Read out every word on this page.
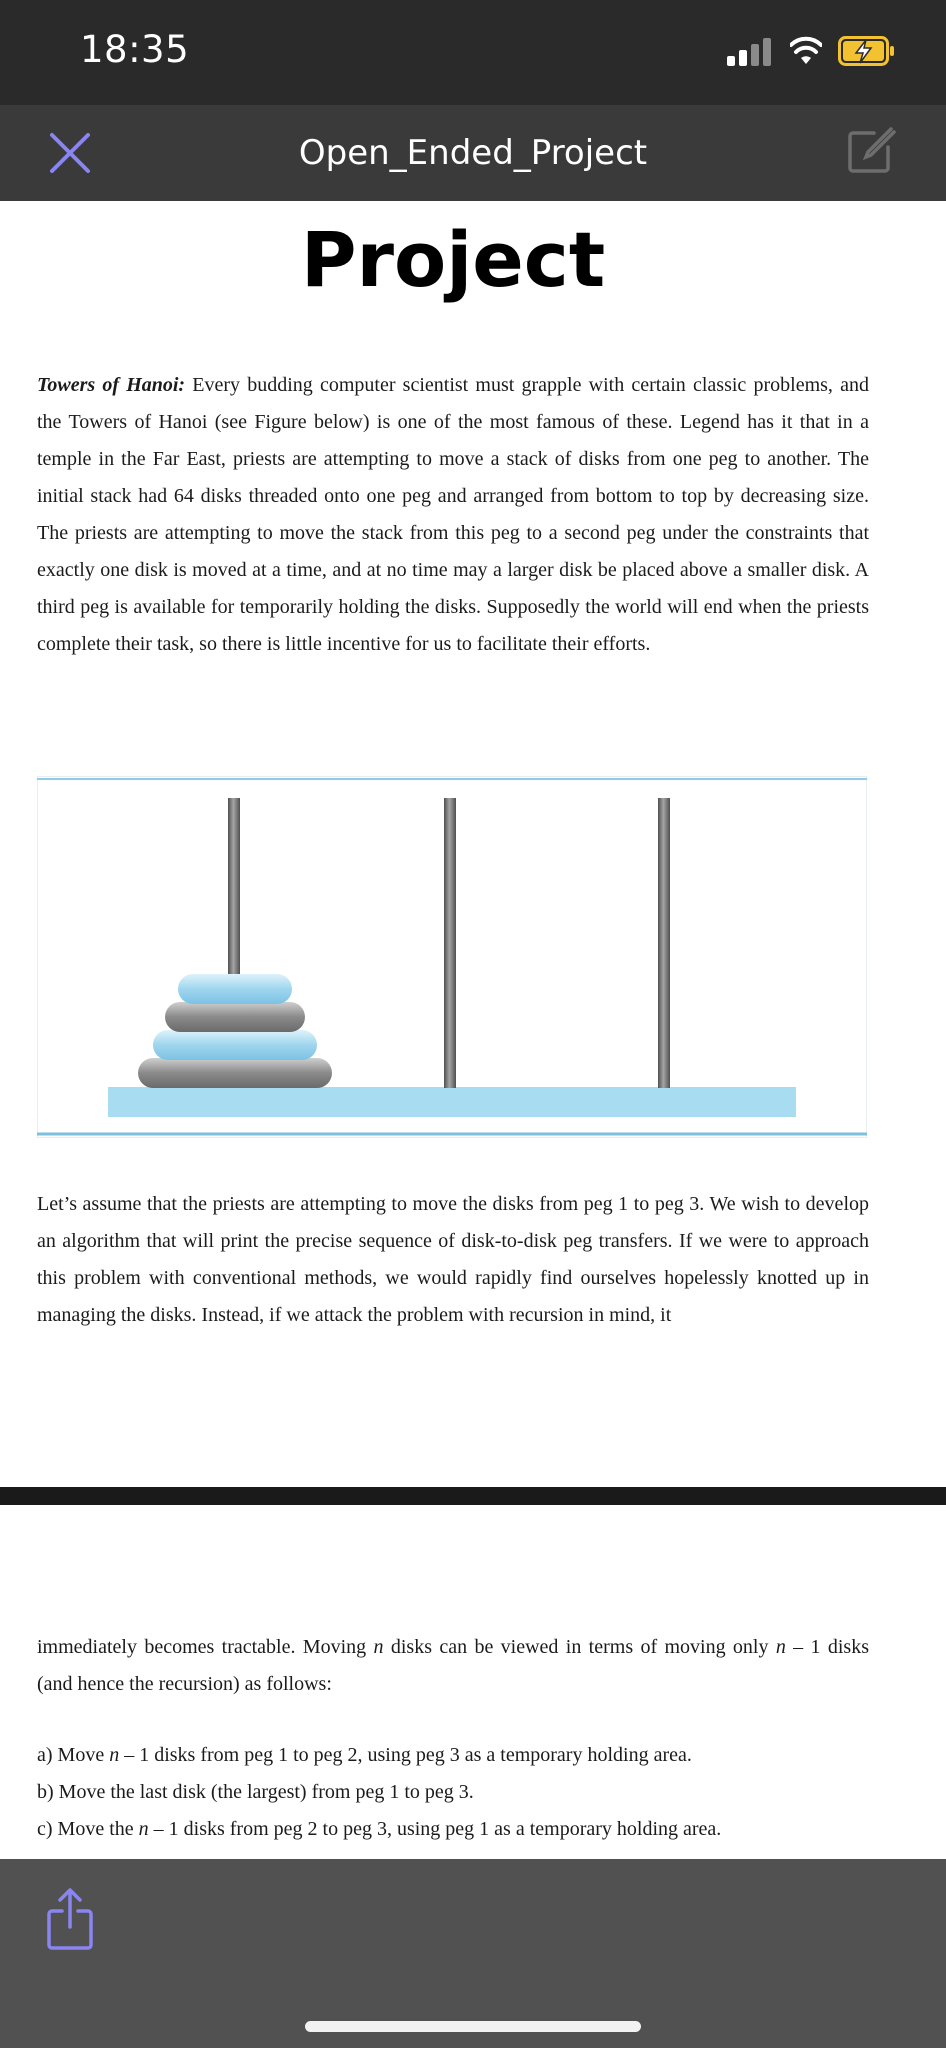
18:35
Open_Ended_Project
Project
Towers of Hanoi: Every budding computer scientist must grapple with certain classic problems, and the Towers of Hanoi (see Figure below) is one of the most famous of these. Legend has it that in a temple in the Far East, priests are attempting to move a stack of disks from one peg to another. The initial stack had 64 disks threaded onto one peg and arranged from bottom to top by decreasing size. The priests are attempting to move the stack from this peg to a second peg under the constraints that exactly one disk is moved at a time, and at no time may a larger disk be placed above a smaller disk. A third peg is available for temporarily holding the disks. Supposedly the world will end when the priests complete their task, so there is little incentive for us to facilitate their efforts.
Let’s assume that the priests are attempting to move the disks from peg 1 to peg 3. We wish to develop an algorithm that will print the precise sequence of disk-to-disk peg transfers. If we were to approach this problem with conventional methods, we would rapidly find ourselves hopelessly knotted up in managing the disks. Instead, if we attack the problem with recursion in mind, it
immediately becomes tractable. Moving n disks can be viewed in terms of moving only n – 1 disks (and hence the recursion) as follows:
a) Move n – 1 disks from peg 1 to peg 2, using peg 3 as a temporary holding area.
b) Move the last disk (the largest) from peg 1 to peg 3.
c) Move the n – 1 disks from peg 2 to peg 3, using peg 1 as a temporary holding area.
